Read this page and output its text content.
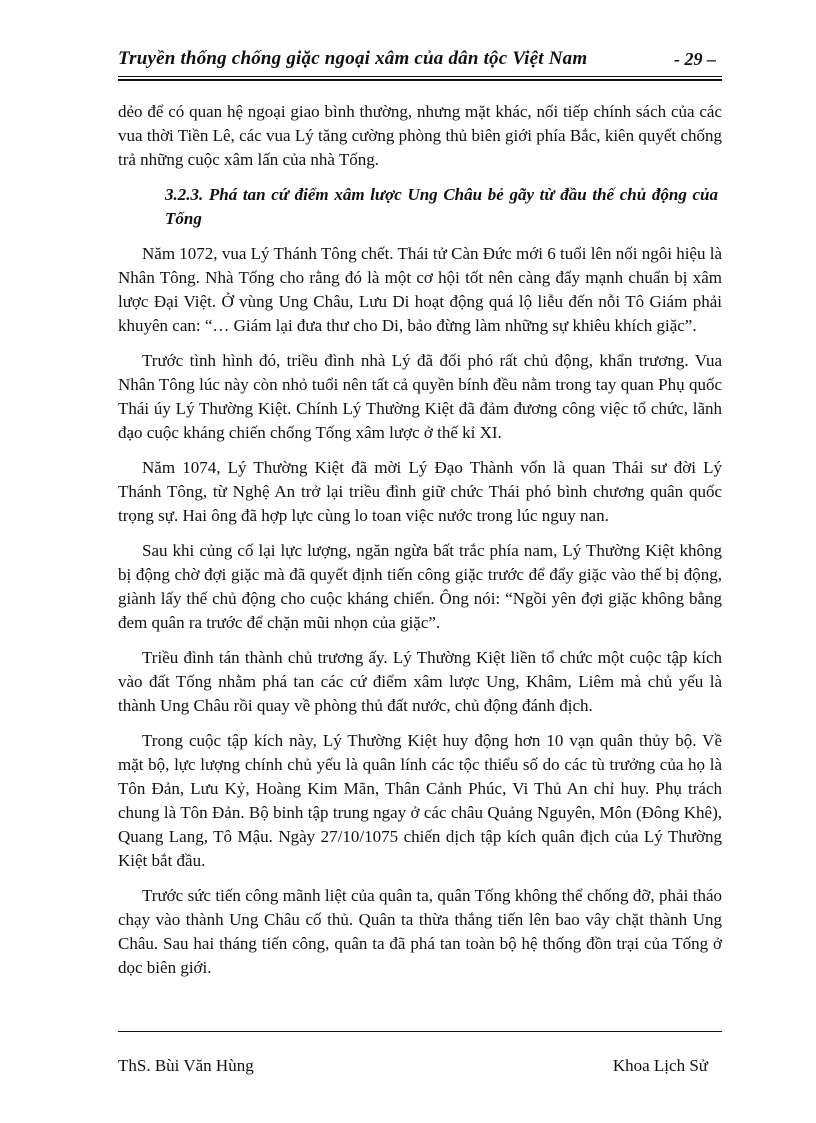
Truyền thống chống giặc ngoại xâm của dân tộc Việt Nam	- 29 –

dẻo để có quan hệ ngoại giao bình thường, nhưng mặt khác, nối tiếp chính sách của các vua thời Tiền Lê, các vua Lý tăng cường phòng thủ biên giới phía Bắc, kiên quyết chống trả những cuộc xâm lấn của nhà Tống.

3.2.3. Phá tan cứ điểm xâm lược Ung Châu bẻ gãy từ đầu thế chủ động của Tống

Năm 1072, vua Lý Thánh Tông chết. Thái tử Càn Đức mới 6 tuổi lên nối ngôi hiệu là Nhân Tông. Nhà Tống cho rằng đó là một cơ hội tốt nên càng đẩy mạnh chuẩn bị xâm lược Đại Việt. Ở vùng Ung Châu, Lưu Di hoạt động quá lộ liễu đến nỗi Tô Giám phải khuyên can: “… Giám lại đưa thư cho Di, bảo đừng làm những sự khiêu khích giặc”.

Trước tình hình đó, triều đình nhà Lý đã đối phó rất chủ động, khẩn trương. Vua Nhân Tông lúc này còn nhỏ tuổi nên tất cả quyền bính đều nằm trong tay quan Phụ quốc Thái úy Lý Thường Kiệt. Chính Lý Thường Kiệt đã đảm đương công việc tổ chức, lãnh đạo cuộc kháng chiến chống Tống xâm lược ở thế kỉ XI.

Năm 1074, Lý Thường Kiệt đã mời Lý Đạo Thành vốn là quan Thái sư đời Lý Thánh Tông, từ Nghệ An trở lại triều đình giữ chức Thái phó bình chương quân quốc trọng sự. Hai ông đã hợp lực cùng lo toan việc nước trong lúc nguy nan.

Sau khi củng cố lại lực lượng, ngăn ngừa bất trắc phía nam, Lý Thường Kiệt không bị động chờ đợi giặc mà đã quyết định tiến công giặc trước để đẩy giặc vào thế bị động, giành lấy thế chủ động cho cuộc kháng chiến. Ông nói: “Ngồi yên đợi giặc không bằng đem quân ra trước để chặn mũi nhọn của giặc”.

Triều đình tán thành chủ trương ấy. Lý Thường Kiệt liền tổ chức một cuộc tập kích vào đất Tống nhằm phá tan các cứ điểm xâm lược Ung, Khâm, Liêm mà chủ yếu là thành Ung Châu rồi quay về phòng thủ đất nước, chủ động đánh địch.

Trong cuộc tập kích này, Lý Thường Kiệt huy động hơn 10 vạn quân thủy bộ. Về mặt bộ, lực lượng chính chủ yếu là quân lính các tộc thiểu số do các tù trưởng của họ là Tôn Đản, Lưu Kỷ, Hoàng Kim Mãn, Thân Cảnh Phúc, Vi Thủ An chỉ huy. Phụ trách chung là Tôn Đản. Bộ binh tập trung ngay ở các châu Quảng Nguyên, Môn (Đông Khê), Quang Lang, Tô Mậu. Ngày 27/10/1075 chiến dịch tập kích quân địch của Lý Thường Kiệt bắt đầu.

Trước sức tiến công mãnh liệt của quân ta, quân Tống không thể chống đỡ, phải tháo chạy vào thành Ung Châu cố thủ. Quân ta thừa thắng tiến lên bao vây chặt thành Ung Châu. Sau hai tháng tiến công, quân ta đã phá tan toàn bộ hệ thống đồn trại của Tống ở dọc biên giới.

ThS. Bùi Văn Hùng	Khoa Lịch Sử
